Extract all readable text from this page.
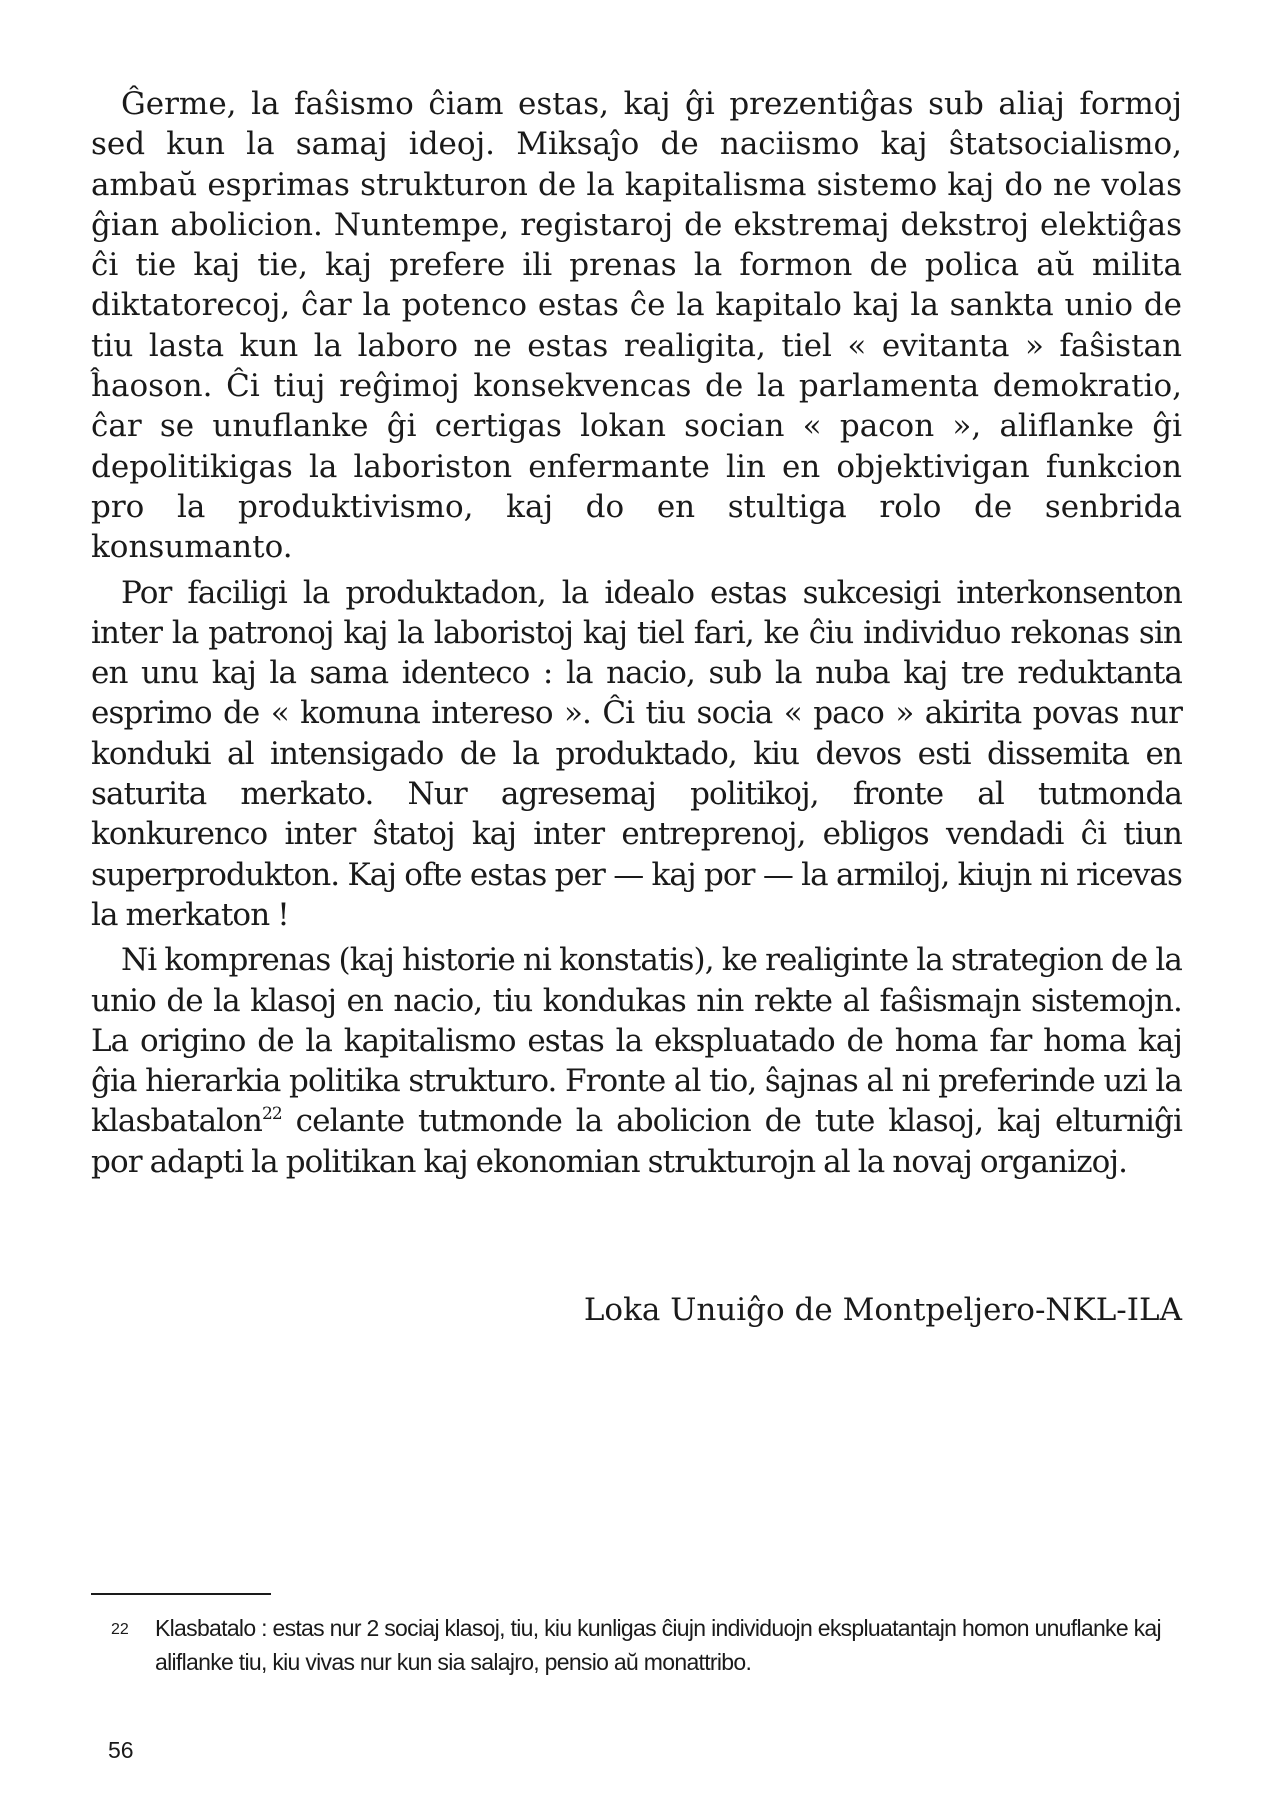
Ĝerme, la faŝismo ĉiam estas, kaj ĝi prezentiĝas sub aliaj formoj sed kun la samaj ideoj. Miksaĵo de naciismo kaj ŝtatsocialismo, ambaŭ esprimas strukturon de la kapitalisma sistemo kaj do ne volas ĝian abolicion. Nuntempe, registaroj de ekstremaj dekstroj elektiĝas ĉi tie kaj tie, kaj prefere ili prenas la formon de polica aŭ milita diktatorecoj, ĉar la potenco estas ĉe la kapitalo kaj la sankta unio de tiu lasta kun la laboro ne estas realigita, tiel « evitanta » faŝistan ĥaoson. Ĉi tiuj reĝimoj konsekvencas de la parlamenta demokratio, ĉar se unuflanke ĝi certigas lokan socian « pacon », aliflanke ĝi depolitikigas la laboriston enfermante lin en objektivigan funkcion pro la produktivismo, kaj do en stultiga rolo de senbrida konsumanto.

Por faciligi la produktadon, la idealo estas sukcesigi interkonsenton inter la patronoj kaj la laboristoj kaj tiel fari, ke ĉiu individuo rekonas sin en unu kaj la sama identeco : la nacio, sub la nuba kaj tre reduktanta esprimo de « komuna intereso ». Ĉi tiu socia « paco » akirita povas nur konduki al intensigado de la produktado, kiu devos esti dissemita en saturita merkato. Nur agresemaj politikoj, fronte al tutmonda konkurenco inter ŝtatoj kaj inter entreprenoj, ebligos vendadi ĉi tiun superprodukton. Kaj ofte estas per — kaj por — la armiloj, kiujn ni ricevas la merkaton !

Ni komprenas (kaj historie ni konstatis), ke realiginte la strategion de la unio de la klasoj en nacio, tiu kondukas nin rekte al faŝismajn sistemojn. La origino de la kapitalismo estas la ekspluatado de homa far homa kaj ĝia hierarkia politika strukturo. Fronte al tio, ŝajnas al ni preferinde uzi la klasbatalon$^{22}$ celante tutmonde la abolicion de tute klasoj, kaj elturniĝi por adapti la politikan kaj ekonomian strukturojn al la novaj organizoj.

Loka Unuiĝo de Montpeljero-NKL-ILA
22 Klasbatalo : estas nur 2 sociaj klasoj, tiu, kiu kunligas ĉiujn individuojn ekspluatantajn homon unuflanke kaj aliflanke tiu, kiu vivas nur kun sia salajro, pensio aŭ monattribo.
56
